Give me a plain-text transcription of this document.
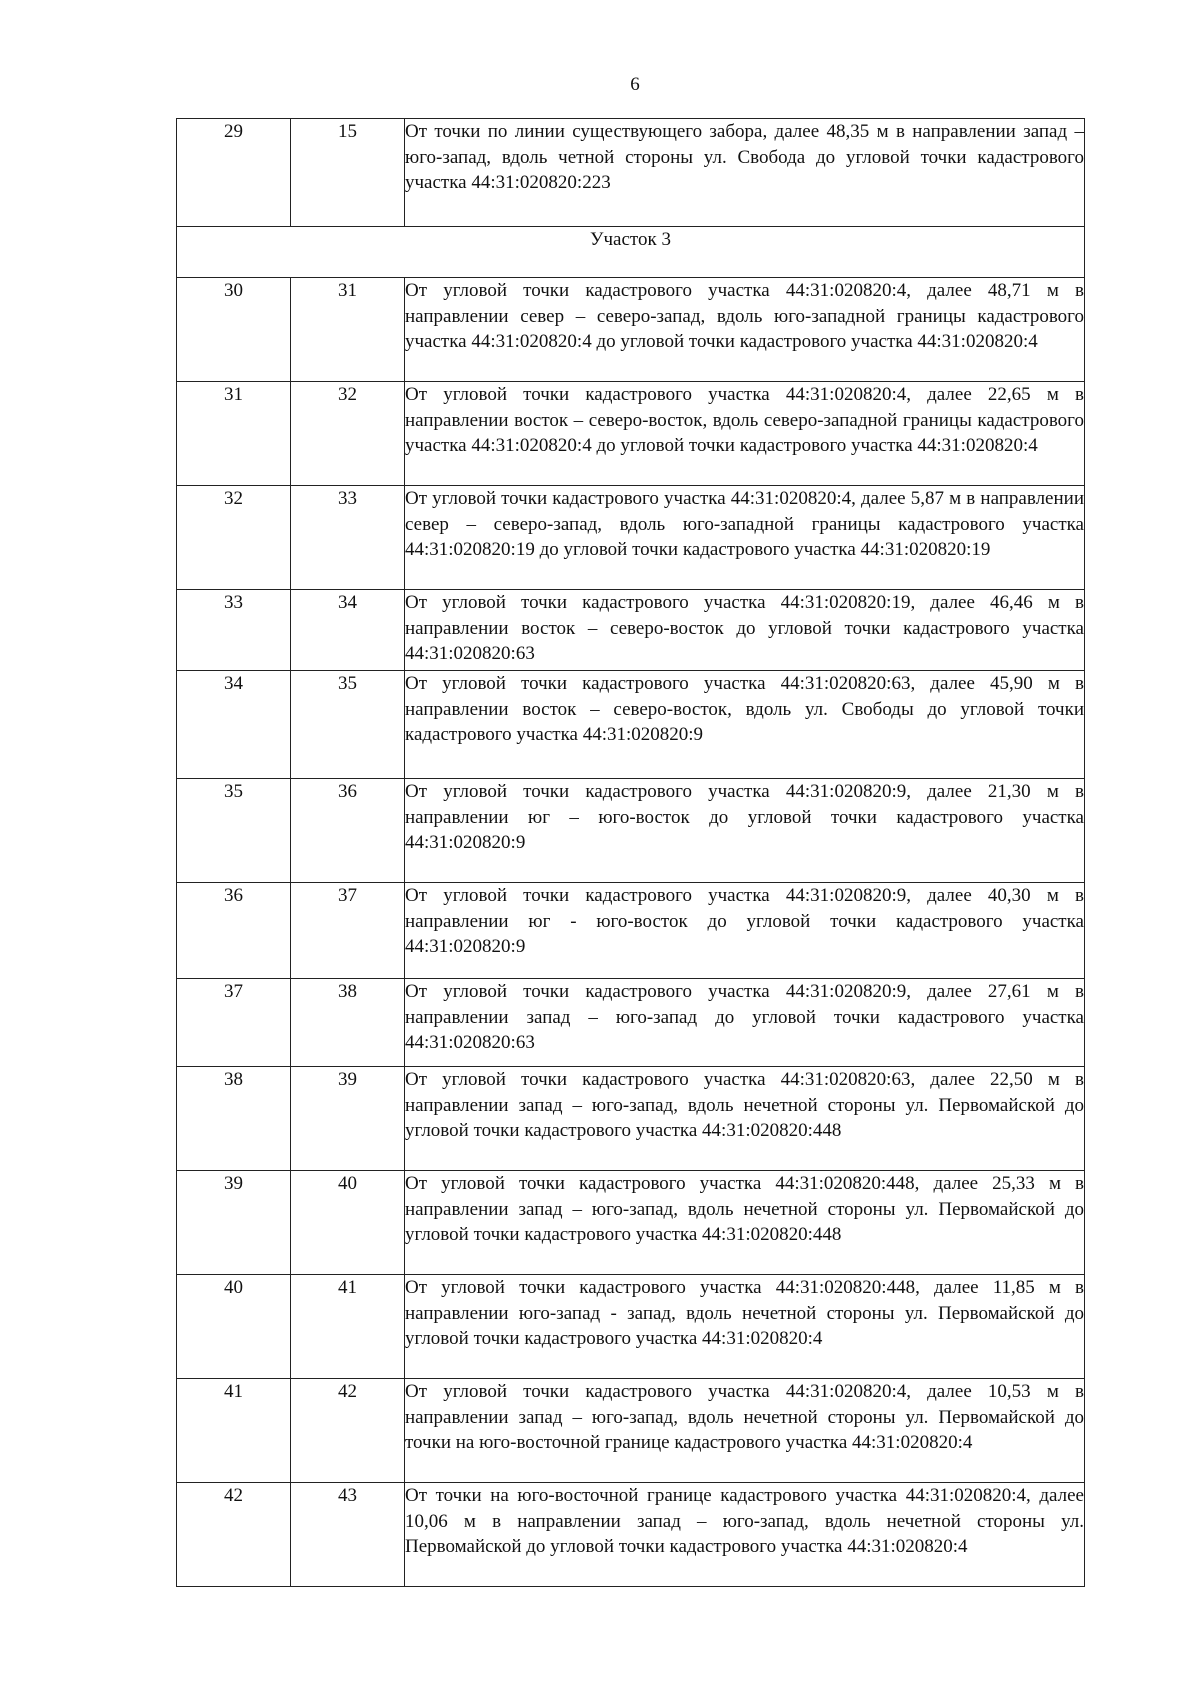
6
29	15	От точки по линии существующего забора, далее 48,35 м в направлении запад – юго-запад, вдоль четной стороны ул. Свобода до угловой точки кадастрового участка 44:31:020820:223
Участок 3		
30	31	От угловой точки кадастрового участка 44:31:020820:4, далее 48,71 м в направлении север – северо-запад, вдоль юго-западной границы кадастрового участка 44:31:020820:4 до угловой точки кадастрового участка 44:31:020820:4
31	32	От угловой точки кадастрового участка 44:31:020820:4, далее 22,65 м в направлении восток – северо-восток, вдоль северо-западной границы кадастрового участка 44:31:020820:4 до угловой точки кадастрового участка 44:31:020820:4
32	33	От угловой точки кадастрового участка 44:31:020820:4, далее 5,87 м в направлении север – северо-запад, вдоль юго-западной границы кадастрового участка 44:31:020820:19 до угловой точки кадастрового участка 44:31:020820:19
33	34	От угловой точки кадастрового участка 44:31:020820:19, далее 46,46 м в направлении восток – северо-восток до угловой точки кадастрового участка 44:31:020820:63
34	35	От угловой точки кадастрового участка 44:31:020820:63, далее 45,90 м в направлении восток – северо-восток, вдоль ул. Свободы до угловой точки кадастрового участка 44:31:020820:9
35	36	От угловой точки кадастрового участка 44:31:020820:9, далее 21,30 м в направлении юг – юго-восток до угловой точки кадастрового участка 44:31:020820:9
36	37	От угловой точки кадастрового участка 44:31:020820:9, далее 40,30 м в направлении юг - юго-восток до угловой точки кадастрового участка 44:31:020820:9
37	38	От угловой точки кадастрового участка 44:31:020820:9, далее 27,61 м в направлении запад – юго-запад до угловой точки кадастрового участка 44:31:020820:63
38	39	От угловой точки кадастрового участка 44:31:020820:63, далее 22,50 м в направлении запад – юго-запад, вдоль нечетной стороны ул. Первомайской до угловой точки кадастрового участка 44:31:020820:448
39	40	От угловой точки кадастрового участка 44:31:020820:448, далее 25,33 м в направлении запад – юго-запад, вдоль нечетной стороны ул. Первомайской до угловой точки кадастрового участка 44:31:020820:448
40	41	От угловой точки кадастрового участка 44:31:020820:448, далее 11,85 м в направлении юго-запад - запад, вдоль нечетной стороны ул. Первомайской до угловой точки кадастрового участка 44:31:020820:4
41	42	От угловой точки кадастрового участка 44:31:020820:4, далее 10,53 м в направлении запад – юго-запад, вдоль нечетной стороны ул. Первомайской до точки на юго-восточной границе кадастрового участка 44:31:020820:4
42	43	От точки на юго-восточной границе кадастрового участка 44:31:020820:4, далее 10,06 м в направлении запад – юго-запад, вдоль нечетной стороны ул. Первомайской до угловой точки кадастрового участка 44:31:020820:4
